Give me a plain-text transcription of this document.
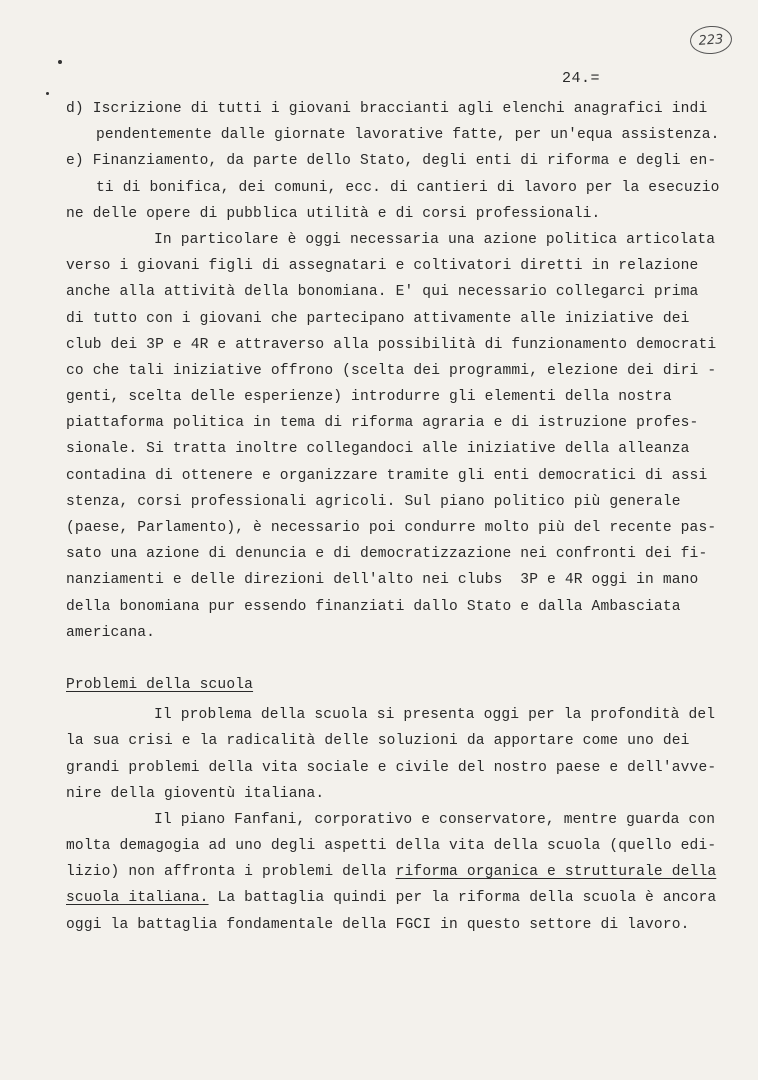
223
24.=
d) Iscrizione di tutti i giovani braccianti agli elenchi anagrafici indi
pendentemente dalle giornate lavorative fatte, per un'equa assistenza.
e) Finanziamento, da parte dello Stato, degli enti di riforma e degli en-
ti di bonifica, dei comuni, ecc. di cantieri di lavoro per la esecuzio
ne delle opere di pubblica utilità e di corsi professionali.
In particolare è oggi necessaria una azione politica articolata
verso i giovani figli di assegnatari e coltivatori diretti in relazione
anche alla attività della bonomiana. E' qui necessario collegarci prima
di tutto con i giovani che partecipano attivamente alle iniziative dei
club dei 3P e 4R e attraverso alla possibilità di funzionamento democrati
co che tali iniziative offrono (scelta dei programmi, elezione dei diri -
genti, scelta delle esperienze) introdurre gli elementi della nostra
piattaforma politica in tema di riforma agraria e di istruzione profes-
sionale. Si tratta inoltre collegandoci alle iniziative della alleanza
contadina di ottenere e organizzare tramite gli enti democratici di assi
stenza, corsi professionali agricoli. Sul piano politico più generale
(paese, Parlamento), è necessario poi condurre molto più del recente pas-
sato una azione di denuncia e di democratizzazione nei confronti dei fi-
nanziamenti e delle direzioni dell'alto nei clubs  3P e 4R oggi in mano
della bonomiana pur essendo finanziati dallo Stato e dalla Ambasciata
americana.
Problemi della scuola
Il problema della scuola si presenta oggi per la profondità del
la sua crisi e la radicalità delle soluzioni da apportare come uno dei
grandi problemi della vita sociale e civile del nostro paese e dell'avve-
nire della gioventù italiana.
Il piano Fanfani, corporativo e conservatore, mentre guarda con
molta demagogia ad uno degli aspetti della vita della scuola (quello edi-
lizio) non affronta i problemi della riforma organica e strutturale della
scuola italiana. La battaglia quindi per la riforma della scuola è ancora
oggi la battaglia fondamentale della FGCI in questo settore di lavoro.
